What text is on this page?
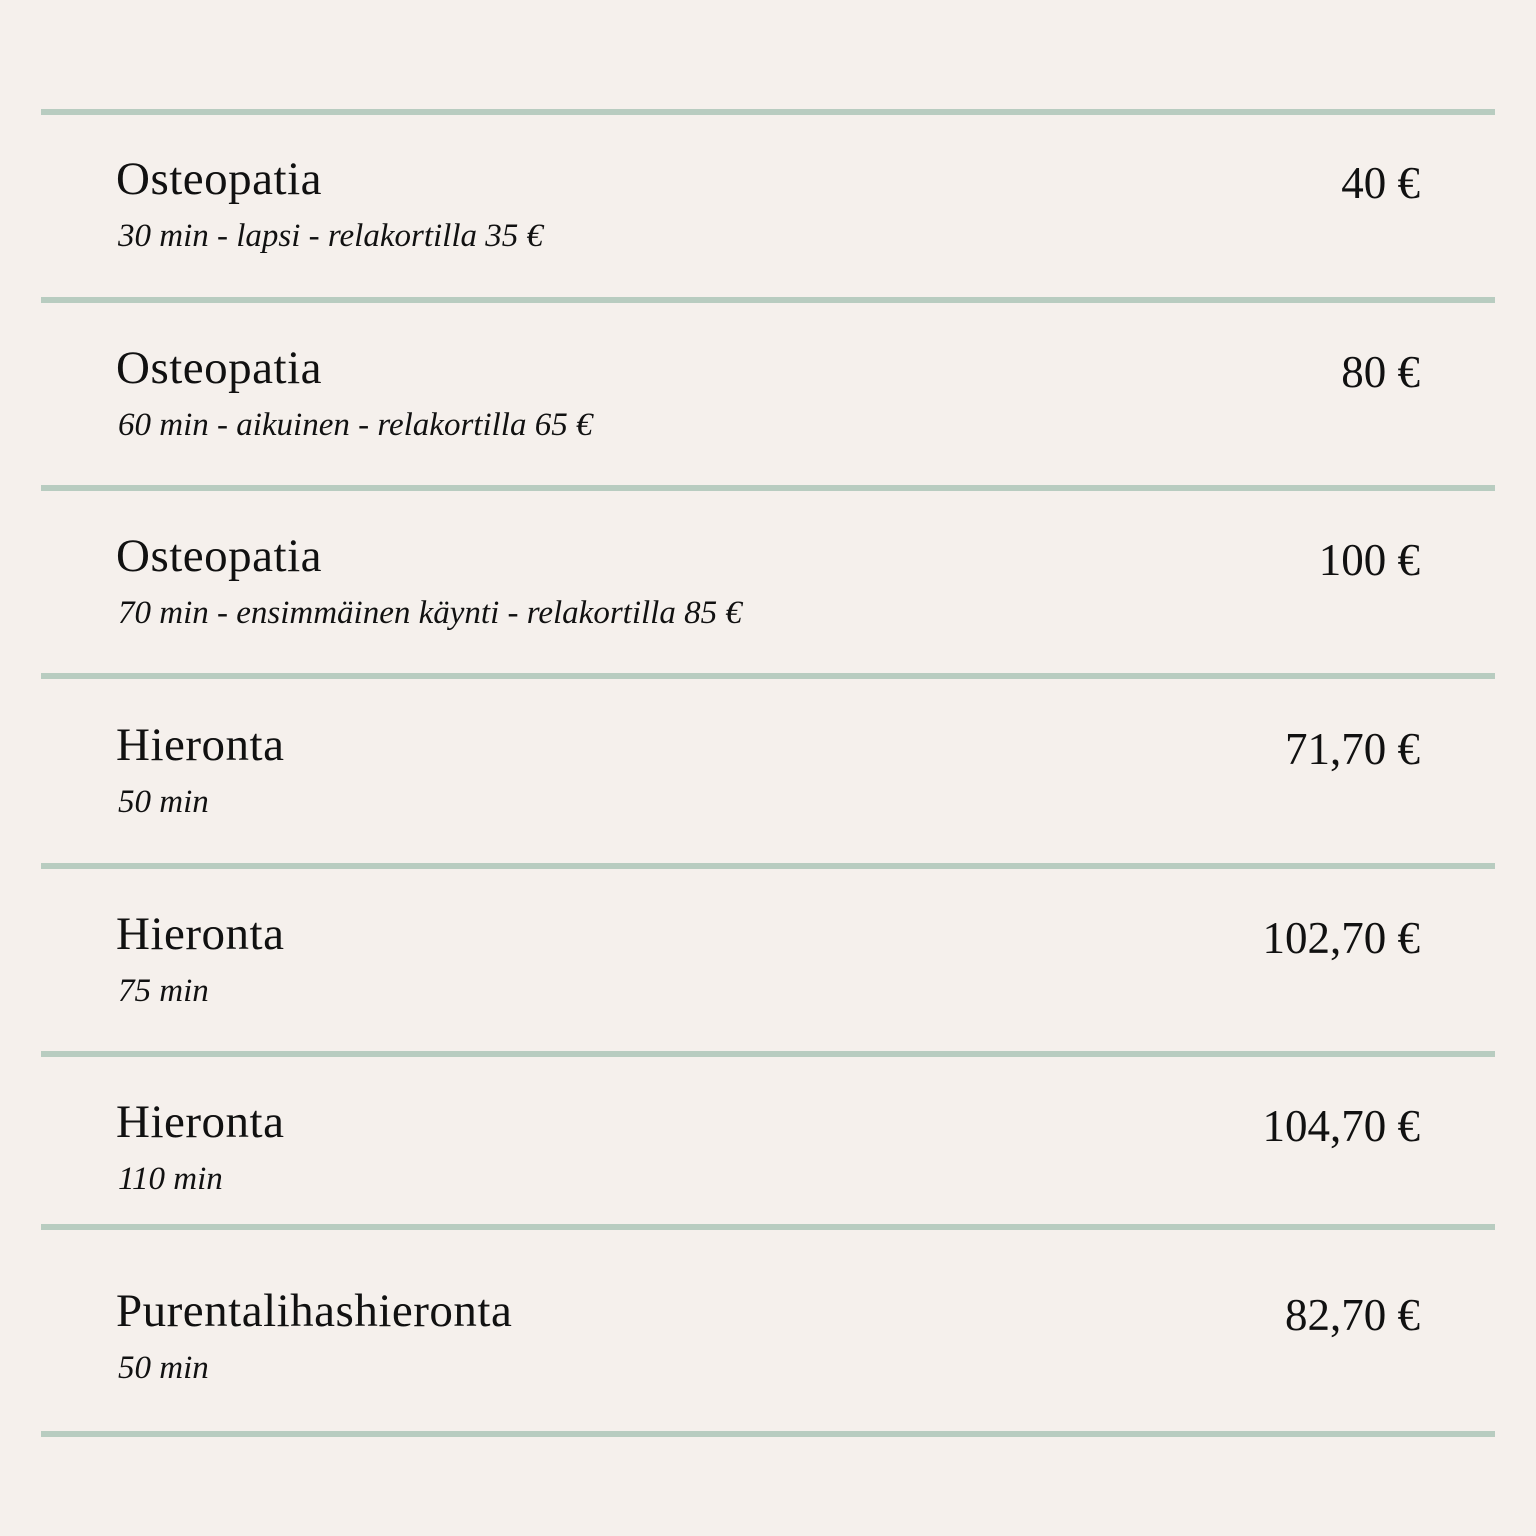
Osteopatia
30 min - lapsi - relakortilla 35 €
40 €
Osteopatia
60 min - aikuinen - relakortilla 65 €
80 €
Osteopatia
70 min - ensimmäinen käynti - relakortilla 85 €
100 €
Hieronta
50 min
71,70 €
Hieronta
75 min
102,70 €
Hieronta
110 min
104,70 €
Purentalihashieronta
50 min
82,70 €
